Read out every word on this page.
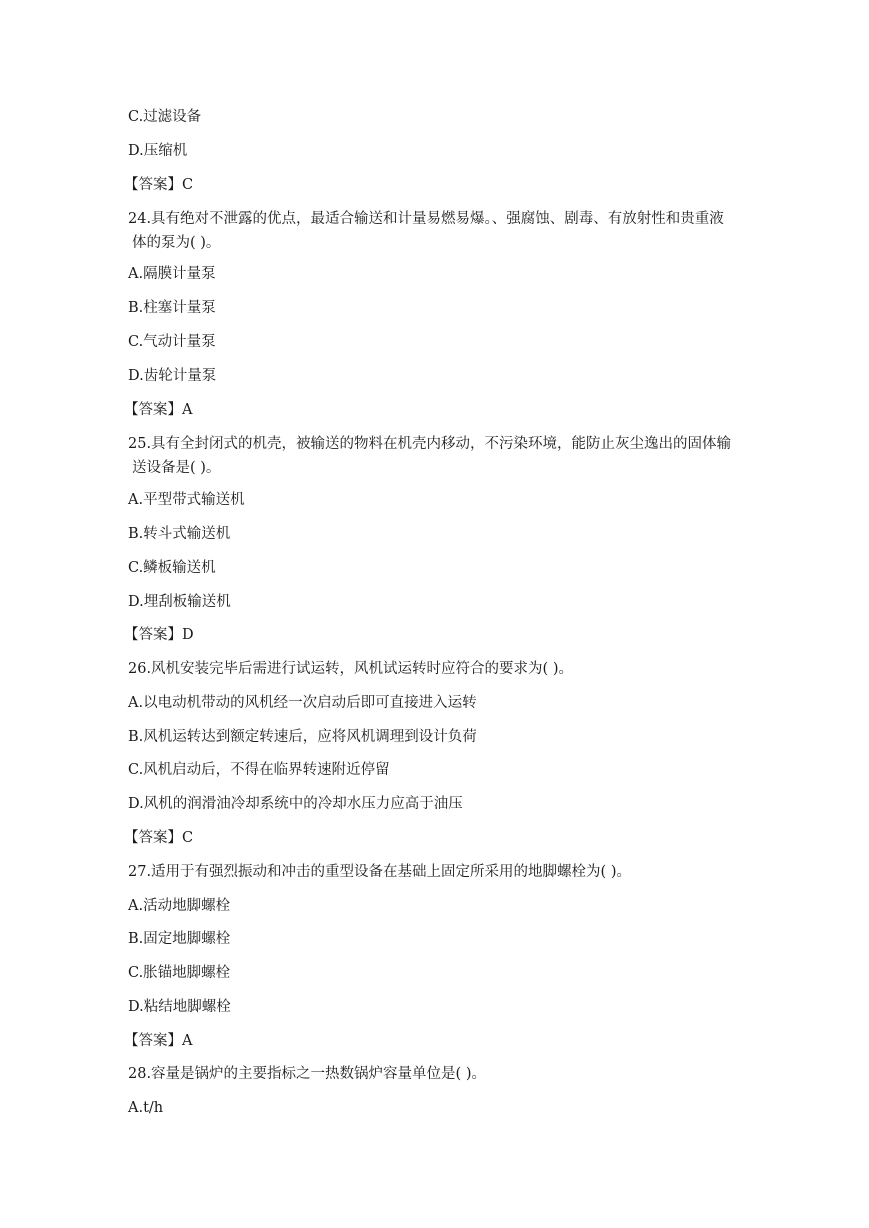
C.过滤设备
D.压缩机
【答案】C
24.具有绝对不泄露的优点，最适合输送和计量易燃易爆。、强腐蚀、剧毒、有放射性和贵重液
体的泵为( )。
A.隔膜计量泵
B.柱塞计量泵
C.气动计量泵
D.齿轮计量泵
【答案】A
25.具有全封闭式的机壳，被输送的物料在机壳内移动，不污染环境，能防止灰尘逸出的固体输
送设备是( )。
A.平型带式输送机
B.转斗式输送机
C.鳞板输送机
D.埋刮板输送机
【答案】D
26.风机安装完毕后需进行试运转，风机试运转时应符合的要求为( )。
A.以电动机带动的风机经一次启动后即可直接进入运转
B.风机运转达到额定转速后，应将风机调理到设计负荷
C.风机启动后，不得在临界转速附近停留
D.风机的润滑油冷却系统中的冷却水压力应高于油压
【答案】C
27.适用于有强烈振动和冲击的重型设备在基础上固定所采用的地脚螺栓为( )。
A.活动地脚螺栓
B.固定地脚螺栓
C.胀锚地脚螺栓
D.粘结地脚螺栓
【答案】A
28.容量是锅炉的主要指标之一热数锅炉容量单位是( )。
A.t/h
